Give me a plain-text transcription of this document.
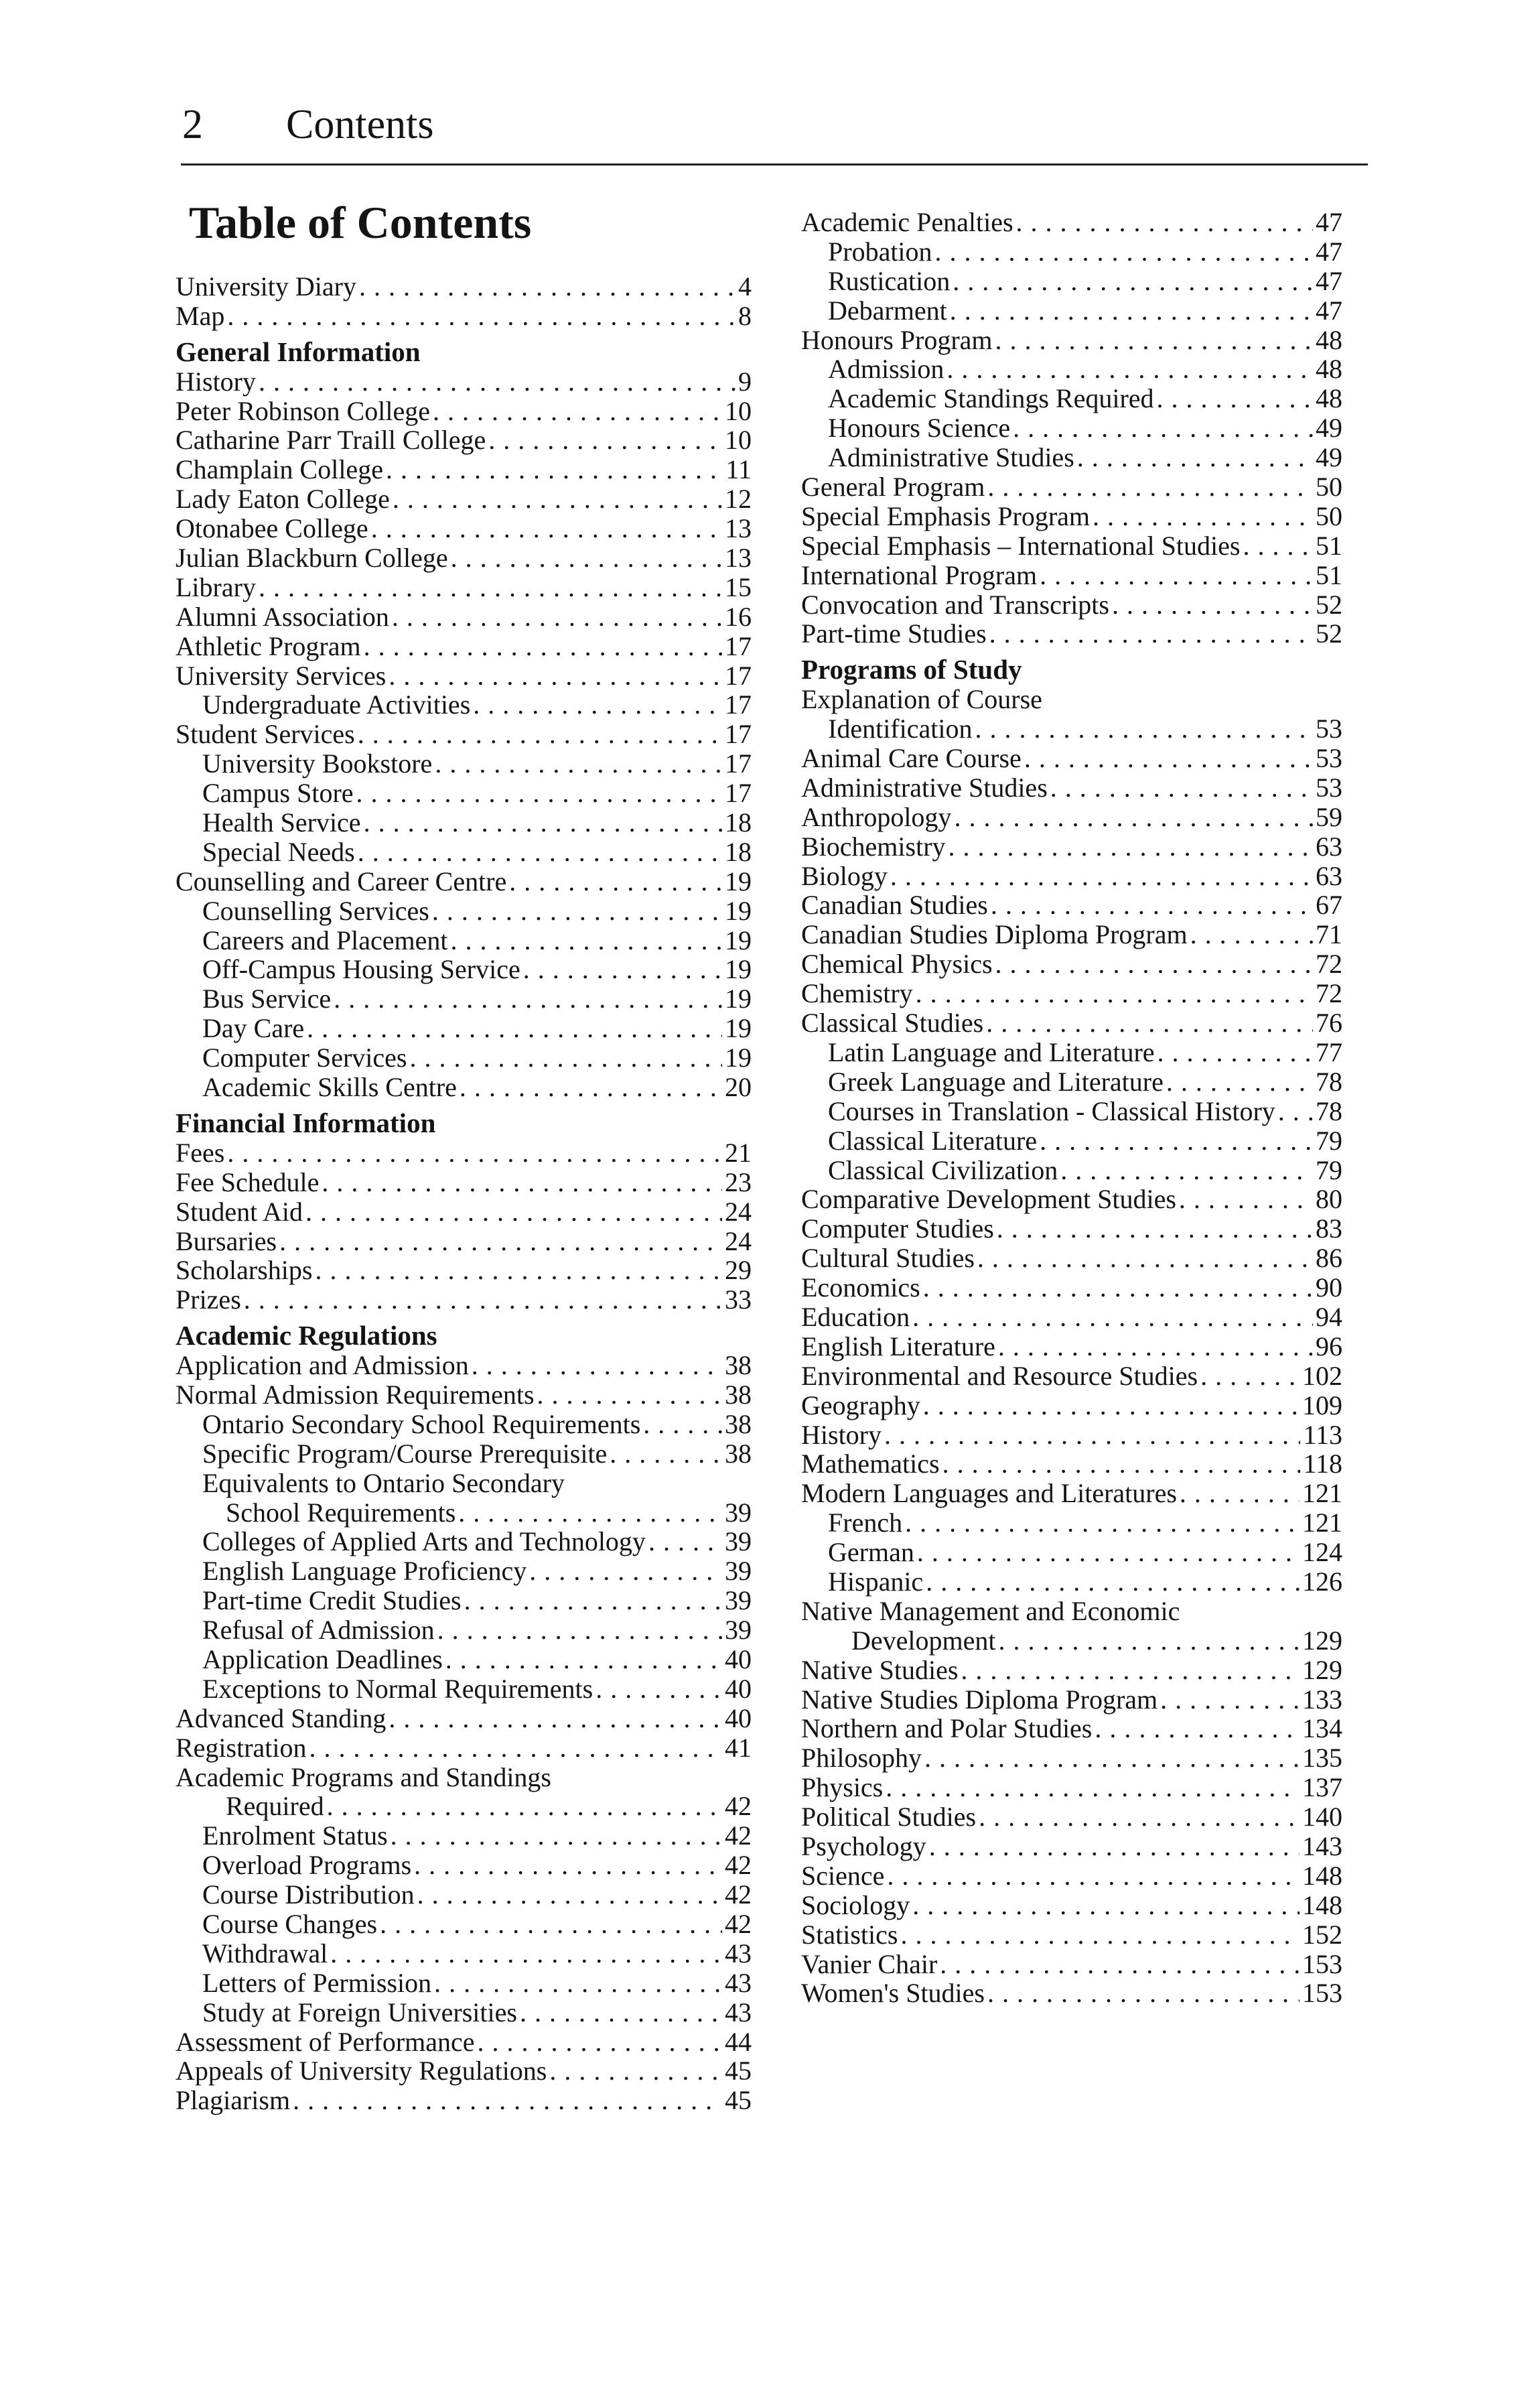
2 Contents
Table of Contents
University Diary . . .	4
Map . . .	8
General Information
History . . .	9
Peter Robinson College . . .	10
Catharine Parr Traill College . . .	10
Champlain College . . .	11
Lady Eaton College . . .	12
Otonabee College . . .	13
Julian Blackburn College . . .	13
Library . . .	15
Alumni Association . . .	16
Athletic Program . . .	17
University Services . . .	17
Undergraduate Activities . . .	17
Student Services . . .	17
University Bookstore . . .	17
Campus Store . . .	17
Health Service . . .	18
Special Needs . . .	18
Counselling and Career Centre . . .	19
Counselling Services . . .	19
Careers and Placement . . .	19
Off-Campus Housing Service . . .	19
Bus Service . . .	19
Day Care . . .	19
Computer Services . . .	19
Academic Skills Centre . . .	20
Financial Information
Fees . . .	21
Fee Schedule . . .	23
Student Aid . . .	24
Bursaries . . .	24
Scholarships . . .	29
Prizes . . .	33
Academic Regulations
Application and Admission . . .	38
Normal Admission Requirements . . .	38
Ontario Secondary School Requirements . . .	38
Specific Program/Course Prerequisite . . .	38
Equivalents to Ontario Secondary
School Requirements . . .	39
Colleges of Applied Arts and Technology . . .	39
English Language Proficiency . . .	39
Part-time Credit Studies . . .	39
Refusal of Admission . . .	39
Application Deadlines . . .	40
Exceptions to Normal Requirements . . .	40
Advanced Standing . . .	40
Registration . . .	41
Academic Programs and Standings
Required . . .	42
Enrolment Status . . .	42
Overload Programs . . .	42
Course Distribution . . .	42
Course Changes . . .	42
Withdrawal . . .	43
Letters of Permission . . .	43
Study at Foreign Universities . . .	43
Assessment of Performance . . .	44
Appeals of University Regulations . . .	45
Plagiarism . . .	45
Academic Penalties . . .	47
Probation . . .	47
Rustication . . .	47
Debarment . . .	47
Honours Program . . .	48
Admission . . .	48
Academic Standings Required . . .	48
Honours Science . . .	49
Administrative Studies . . .	49
General Program . . .	50
Special Emphasis Program . . .	50
Special Emphasis – International Studies . . .	51
International Program . . .	51
Convocation and Transcripts . . .	52
Part-time Studies . . .	52
Programs of Study
Explanation of Course
Identification . . .	53
Animal Care Course . . .	53
Administrative Studies . . .	53
Anthropology . . .	59
Biochemistry . . .	63
Biology . . .	63
Canadian Studies . . .	67
Canadian Studies Diploma Program . . .	71
Chemical Physics . . .	72
Chemistry . . .	72
Classical Studies . . .	76
Latin Language and Literature . . .	77
Greek Language and Literature . . .	78
Courses in Translation - Classical History . . . 78
Classical Literature . . .	79
Classical Civilization . . .	79
Comparative Development Studies . . .	80
Computer Studies . . .	83
Cultural Studies . . .	86
Economics . . .	90
Education . . .	94
English Literature . . .	96
Environmental and Resource Studies . . .	102
Geography . . .	109
History . . .	113
Mathematics . . .	118
Modern Languages and Literatures . . .	121
French . . .	121
German . . .	124
Hispanic . . .	126
Native Management and Economic
Development . . .	129
Native Studies . . .	129
Native Studies Diploma Program . . .	133
Northern and Polar Studies . . .	134
Philosophy . . .	135
Physics . . .	137
Political Studies . . .	140
Psychology . . .	143
Science . . .	148
Sociology . . .	148
Statistics . . .	152
Vanier Chair . . .	153
Women's Studies . . .	153
